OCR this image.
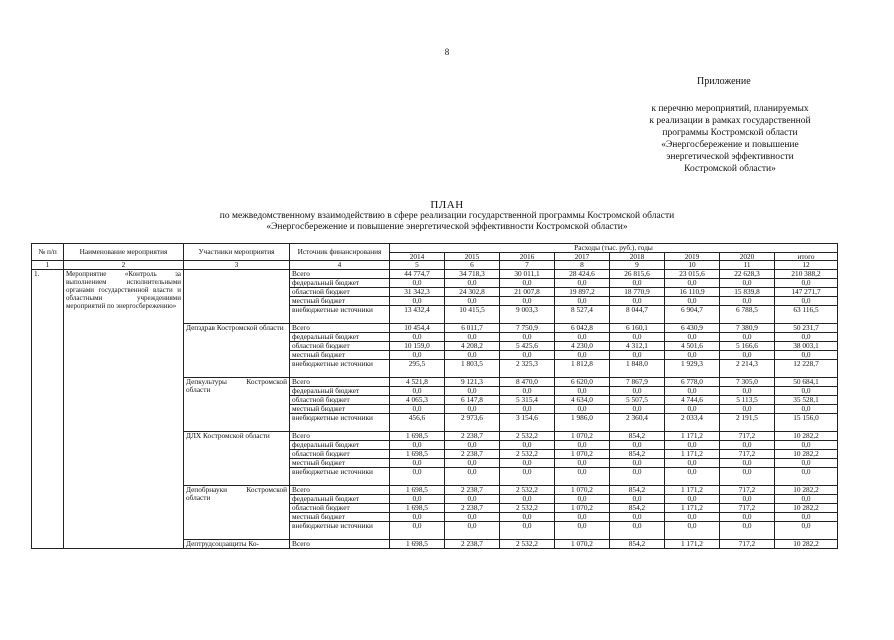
8
Приложение
к перечню мероприятий, планируемых
к реализации в рамках государственной
программы Костромской области
«Энергосбережение и повышение
энергетической эффективности
Костромской области»
ПЛАН
по межведомственному взаимодействию в сфере реализации государственной программы Костромской области
«Энергосбережение и повышение энергетической эффективности Костромской области»
№ п/п	Наименование мероприятия	Участники мероприятия	Источник финансирования	Расходы (тыс. руб.), годы							
				2014	2015	2016	2017	2018	2019	2020	итого
1	2	3	4	5	6	7	8	9	10	11	12
1.	Мероприятие «Контроль за выполнением исполнительными органами государственной власти и областными учреждениями мероприятий по энергосбережению»		Всего	44 774,7	34 718,3	30 011,1	28 424,6	26 815,6	23 015,6	22 628,3	210 388,2
			федеральный бюджет	0,0	0,0	0,0	0,0	0,0	0,0	0,0	0,0
			областной бюджет	31 342,3	24 302,8	21 007,8	19 897,2	18 770,9	16 110,9	15 839,8	147 271,7
			местный бюджет	0,0	0,0	0,0	0,0	0,0	0,0	0,0	0,0
			внебюджетные источники	13 432,4	10 415,5	9 003,3	8 527,4	8 044,7	6 904,7	6 788,5	63 116,5
		Депздрав Костромской области	Всего	10 454,4	6 011,7	7 750,9	6 042,8	6 160,1	6 430,9	7 380,9	50 231,7
			федеральный бюджет	0,0	0,0	0,0	0,0	0,0	0,0	0,0	0,0
			областной бюджет	10 159,0	4 208,2	5 425,6	4 230,0	4 312,1	4 501,6	5 166,6	38 003,1
			местный бюджет	0,0	0,0	0,0	0,0	0,0	0,0	0,0	0,0
			внебюджетные источники	295,5	1 803,5	2 325,3	1 812,8	1 848,0	1 929,3	2 214,3	12 228,7
		Депкультуры Костромской области	Всего	4 521,8	9 121,3	8 470,0	6 620,0	7 867,9	6 778,0	7 305,0	50 684,1
			федеральный бюджет	0,0	0,0	0,0	0,0	0,0	0,0	0,0	0,0
			областной бюджет	4 065,3	6 147,8	5 315,4	4 634,0	5 507,5	4 744,6	5 113,5	35 528,1
			местный бюджет	0,0	0,0	0,0	0,0	0,0	0,0	0,0	0,0
			внебюджетные источники	456,6	2 973,6	3 154,6	1 986,0	2 360,4	2 033,4	2 191,5	15 156,0
		ДЛХ Костромской области	Всего	1 698,5	2 238,7	2 532,2	1 070,2	854,2	1 171,2	717,2	10 282,2
			федеральный бюджет	0,0	0,0	0,0	0,0	0,0	0,0	0,0	0,0
			областной бюджет	1 698,5	2 238,7	2 532,2	1 070,2	854,2	1 171,2	717,2	10 282,2
			местный бюджет	0,0	0,0	0,0	0,0	0,0	0,0	0,0	0,0
			внебюджетные источники	0,0	0,0	0,0	0,0	0,0	0,0	0,0	0,0
		Депобрнауки Костромской области	Всего	1 698,5	2 238,7	2 532,2	1 070,2	854,2	1 171,2	717,2	10 282,2
			федеральный бюджет	0,0	0,0	0,0	0,0	0,0	0,0	0,0	0,0
			областной бюджет	1 698,5	2 238,7	2 532,2	1 070,2	854,2	1 171,2	717,2	10 282,2
			местный бюджет	0,0	0,0	0,0	0,0	0,0	0,0	0,0	0,0
			внебюджетные источники	0,0	0,0	0,0	0,0	0,0	0,0	0,0	0,0
		Дептрудсоцзащиты Ко-	Всего	1 698,5	2 238,7	2 532,2	1 070,2	854,2	1 171,2	717,2	10 282,2
